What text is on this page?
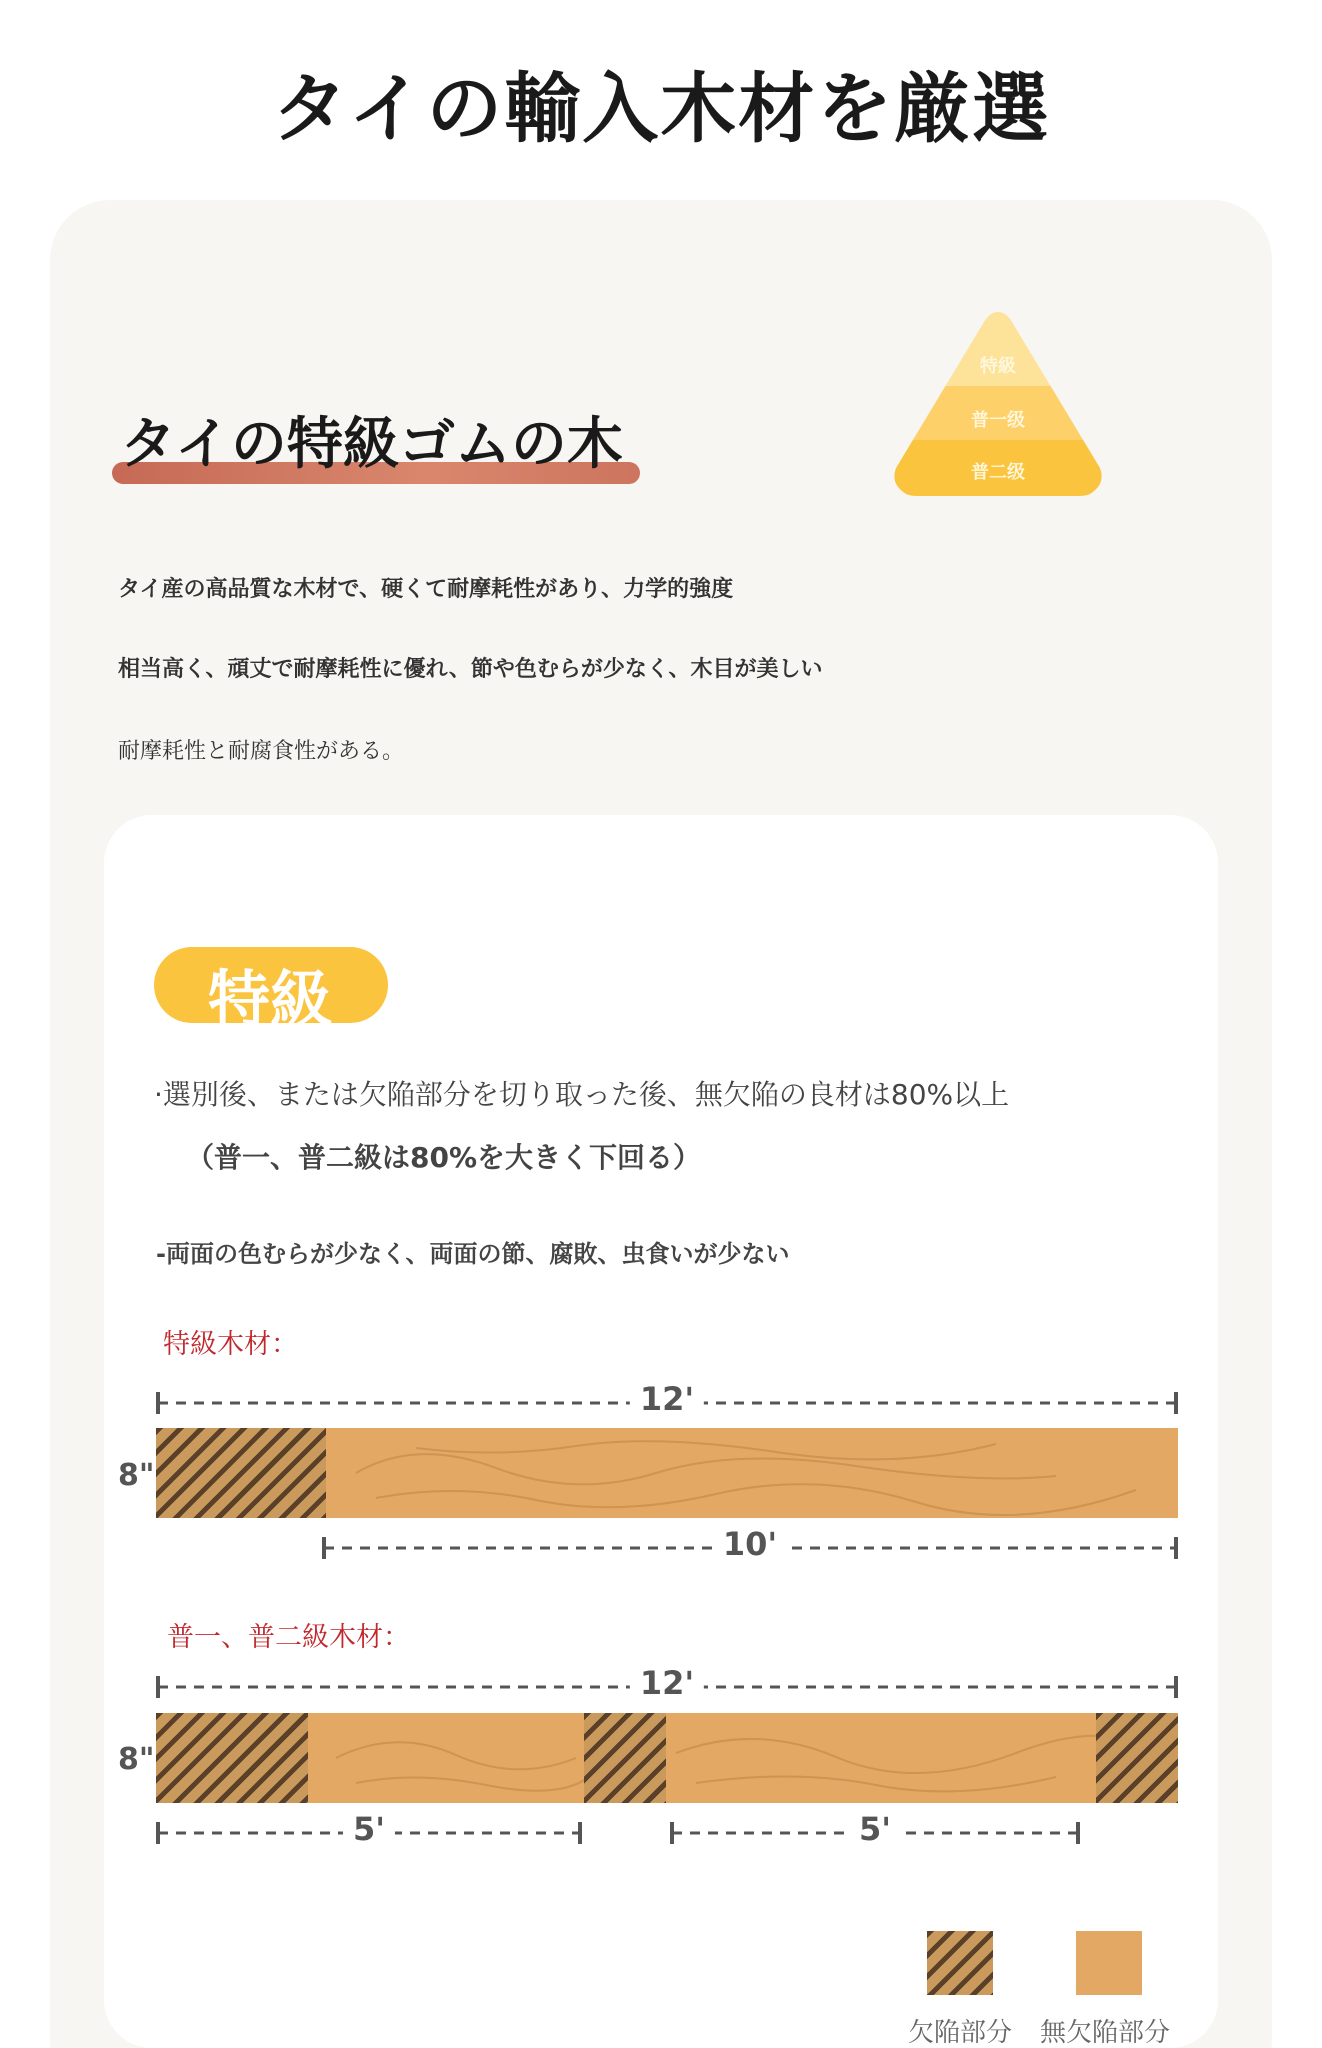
タイの輸入木材を厳選
タイの特級ゴムの木
特級
普一级
普二级
タイ産の高品質な木材で、硬くて耐摩耗性があり、力学的強度
相当高く、頑丈で耐摩耗性に優れ、節や色むらが少なく、木目が美しい
耐摩耗性と耐腐食性がある。
特級
·選別後、または欠陥部分を切り取った後、無欠陥の良材は80%以上
（普一、普二級は80%を大きく下回る）
-両面の色むらが少なく、両面の節、腐敗、虫食いが少ない
特級木材：
12'
8"
10'
普一、普二級木材：
12'
8"
5'	5'
欠陥部分 無欠陥部分
